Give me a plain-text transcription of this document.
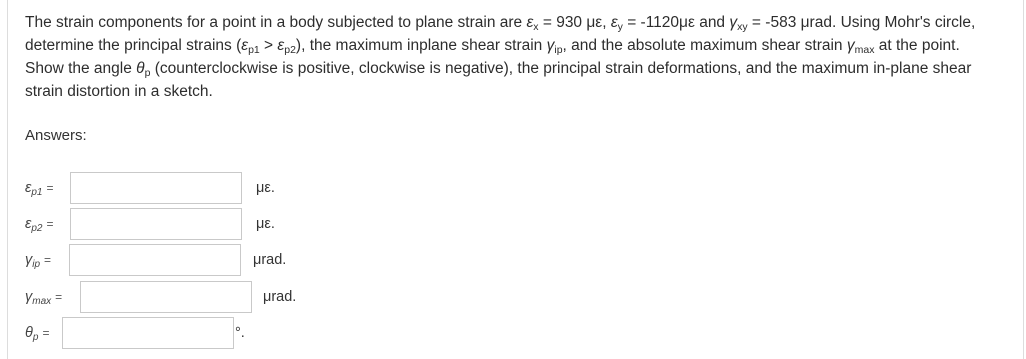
The strain components for a point in a body subjected to plane strain are $\varepsilon_x = 930$ με, $\varepsilon_y = -1120\mu\varepsilon$ and $\gamma_{xy} = -583$ μrad. Using Mohr's circle, determine the principal strains $(\varepsilon_{p1} > \varepsilon_{p2})$, the maximum inplane shear strain $\gamma_{ip}$, and the absolute maximum shear strain $\gamma_{max}$ at the point. Show the angle $\theta_p$ (counterclockwise is positive, clockwise is negative), the principal strain deformations, and the maximum in-plane shear strain distortion in a sketch.
Answers:
$\varepsilon_{p1}$ =	με.
$\varepsilon_{p2}$ =	με.
$\gamma_{ip}$ =	μrad.
$\gamma_{max}$ =	μrad.
$\theta_p$ =	°.
